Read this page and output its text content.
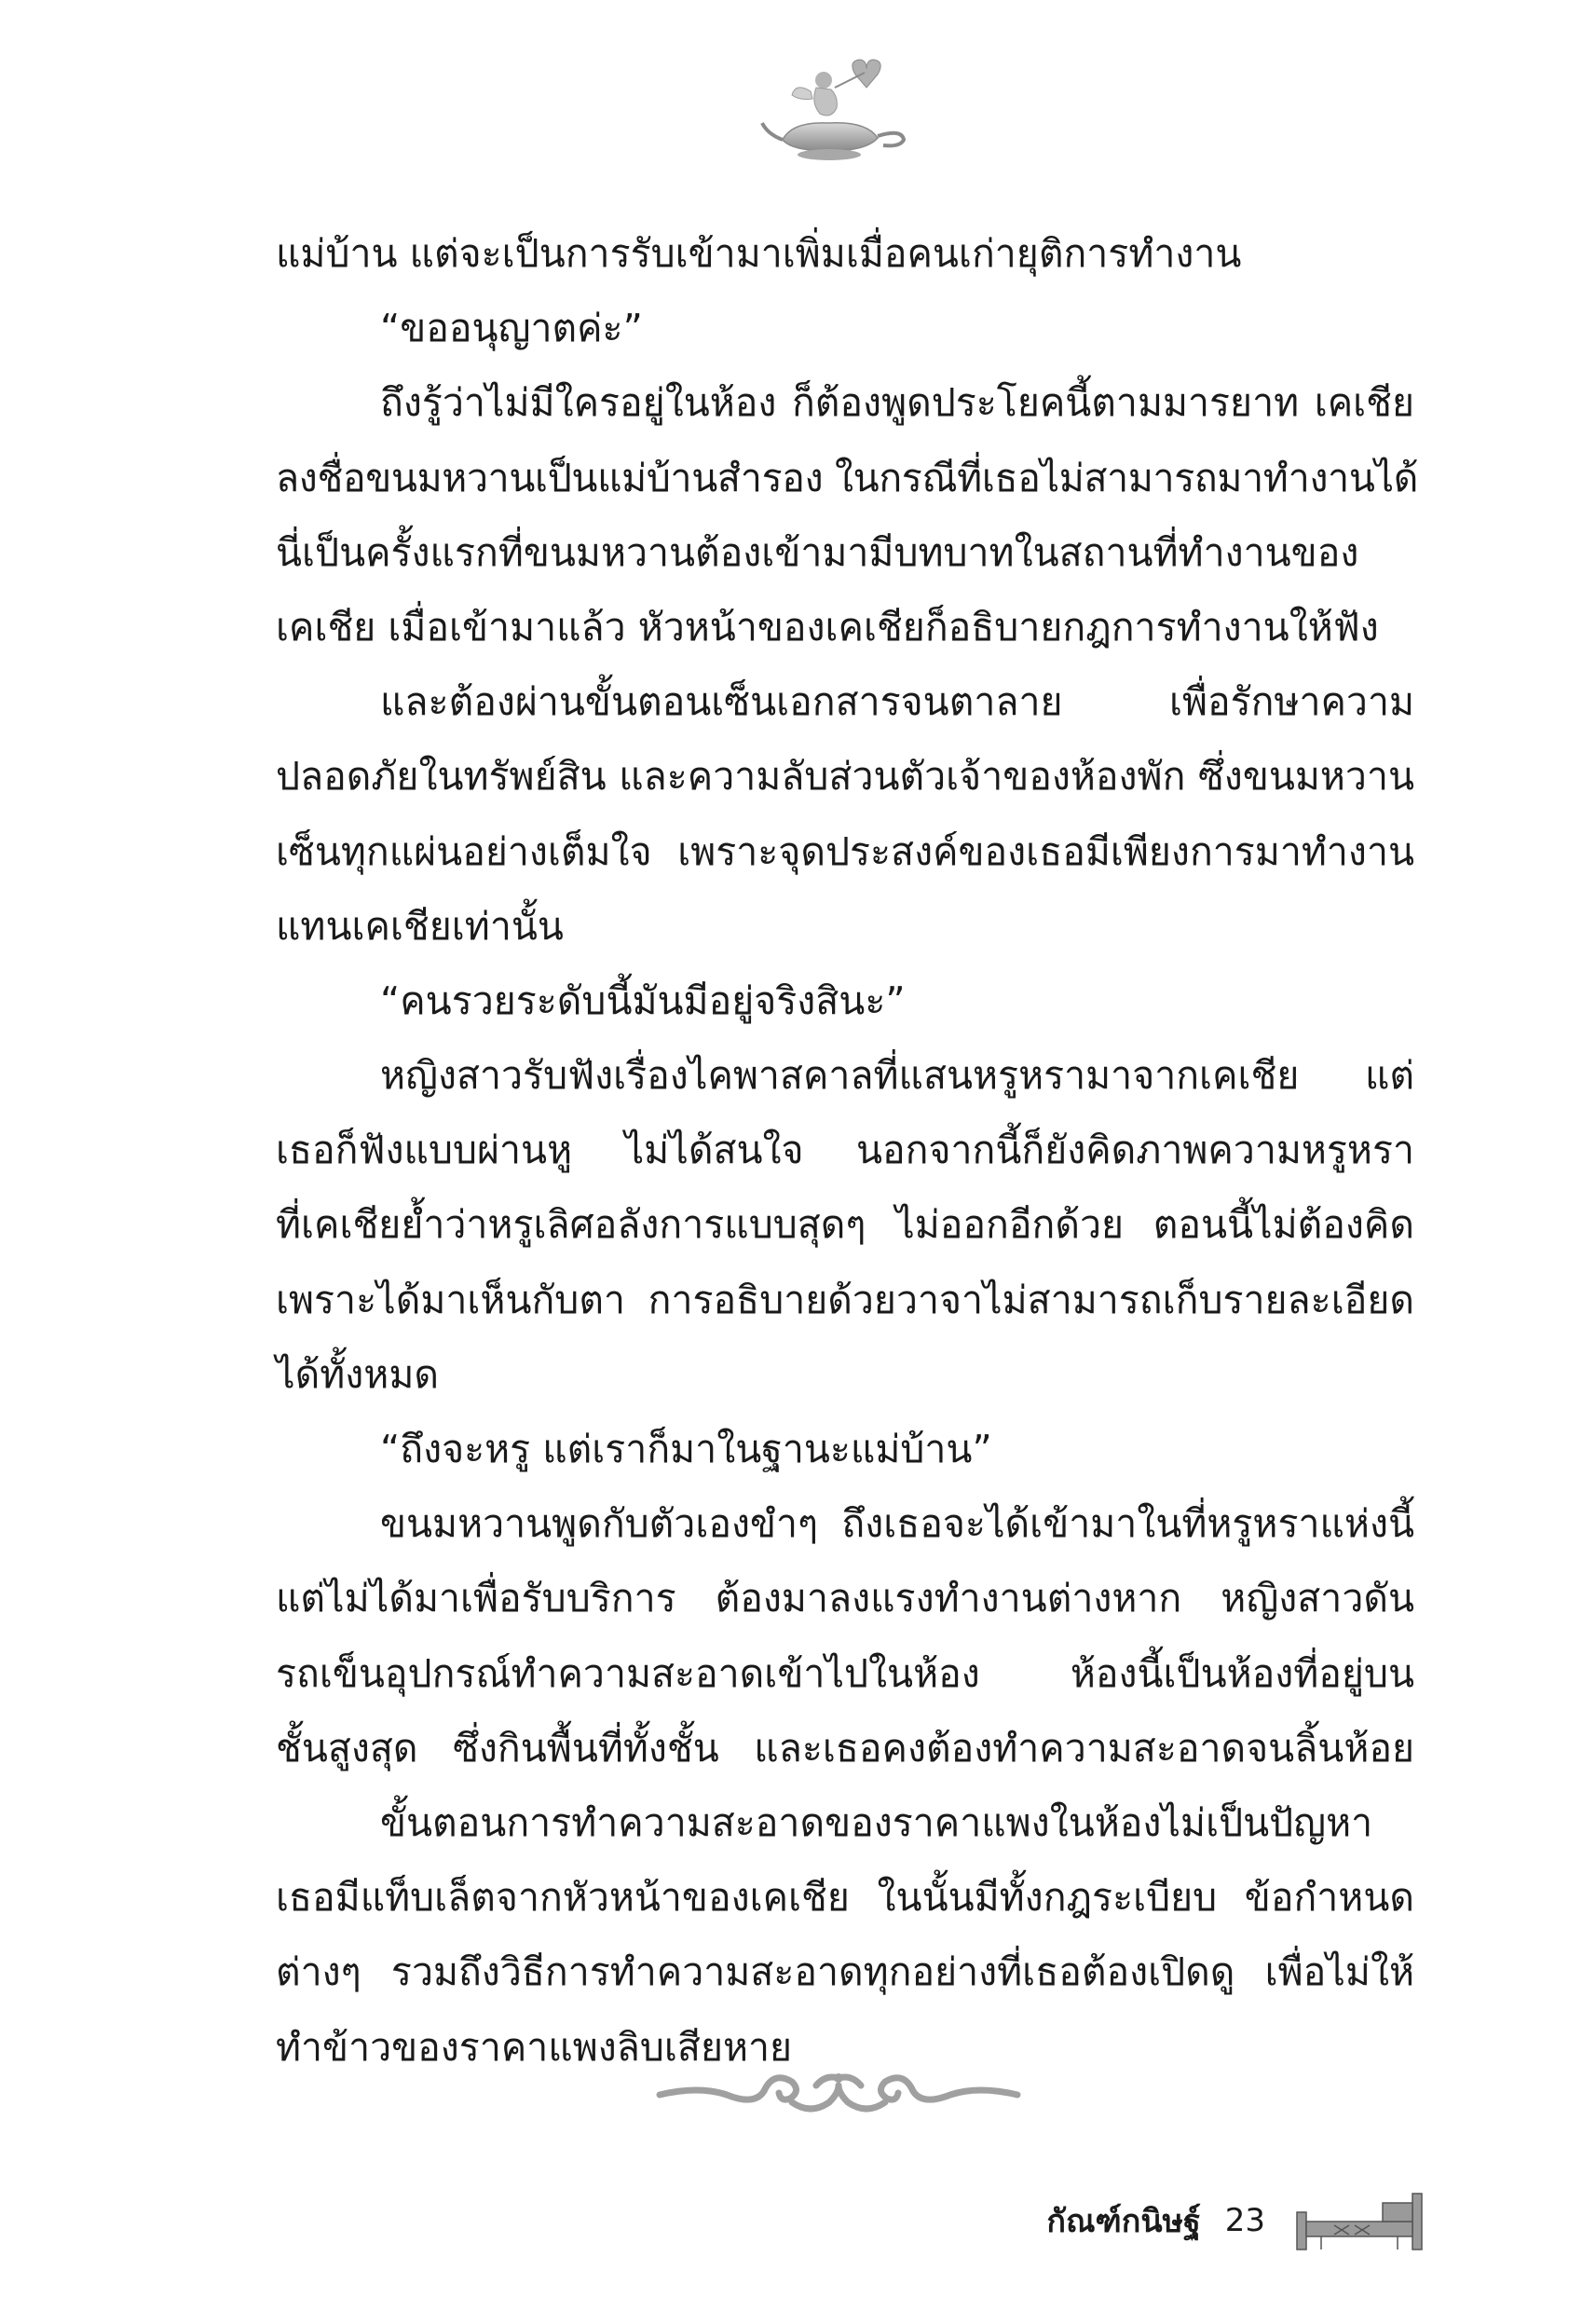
แม่บ้าน แต่จะเป็นการรับเข้ามาเพิ่มเมื่อคนเก่ายุติการทำงาน
“ขออนุญาตค่ะ”
ถึงรู้ว่าไม่มีใครอยู่ในห้อง ก็ต้องพูดประโยคนี้ตามมารยาท เคเชีย
ลงชื่อขนมหวานเป็นแม่บ้านสำรอง ในกรณีที่เธอไม่สามารถมาทำงานได้
นี่เป็นครั้งแรกที่ขนมหวานต้องเข้ามามีบทบาทในสถานที่ทำงานของ
เคเชีย เมื่อเข้ามาแล้ว หัวหน้าของเคเชียก็อธิบายกฎการทำงานให้ฟัง
และต้องผ่านขั้นตอนเซ็นเอกสารจนตาลาย เพื่อรักษาความ
ปลอดภัยในทรัพย์สิน และความลับส่วนตัวเจ้าของห้องพัก ซึ่งขนมหวาน
เซ็นทุกแผ่นอย่างเต็มใจ เพราะจุดประสงค์ของเธอมีเพียงการมาทำงาน
แทนเคเชียเท่านั้น
“คนรวยระดับนี้มันมีอยู่จริงสินะ”
หญิงสาวรับฟังเรื่องไคพาสคาลที่แสนหรูหรามาจากเคเชีย แต่
เธอก็ฟังแบบผ่านหู ไม่ได้สนใจ นอกจากนี้ก็ยังคิดภาพความหรูหรา
ที่เคเชียย้ำว่าหรูเลิศอลังการแบบสุดๆ ไม่ออกอีกด้วย ตอนนี้ไม่ต้องคิด
เพราะได้มาเห็นกับตา การอธิบายด้วยวาจาไม่สามารถเก็บรายละเอียด
ได้ทั้งหมด
“ถึงจะหรู แต่เราก็มาในฐานะแม่บ้าน”
ขนมหวานพูดกับตัวเองขำๆ ถึงเธอจะได้เข้ามาในที่หรูหราแห่งนี้
แต่ไม่ได้มาเพื่อรับบริการ ต้องมาลงแรงทำงานต่างหาก หญิงสาวดัน
รถเข็นอุปกรณ์ทำความสะอาดเข้าไปในห้อง ห้องนี้เป็นห้องที่อยู่บน
ชั้นสูงสุด ซึ่งกินพื้นที่ทั้งชั้น และเธอคงต้องทำความสะอาดจนลิ้นห้อย
ขั้นตอนการทำความสะอาดของราคาแพงในห้องไม่เป็นปัญหา
เธอมีแท็บเล็ตจากหัวหน้าของเคเชีย ในนั้นมีทั้งกฎระเบียบ ข้อกำหนด
ต่างๆ รวมถึงวิธีการทำความสะอาดทุกอย่างที่เธอต้องเปิดดู เพื่อไม่ให้
ทำข้าวของราคาแพงลิบเสียหาย
กัณฑ์กนิษฐ์ 23
